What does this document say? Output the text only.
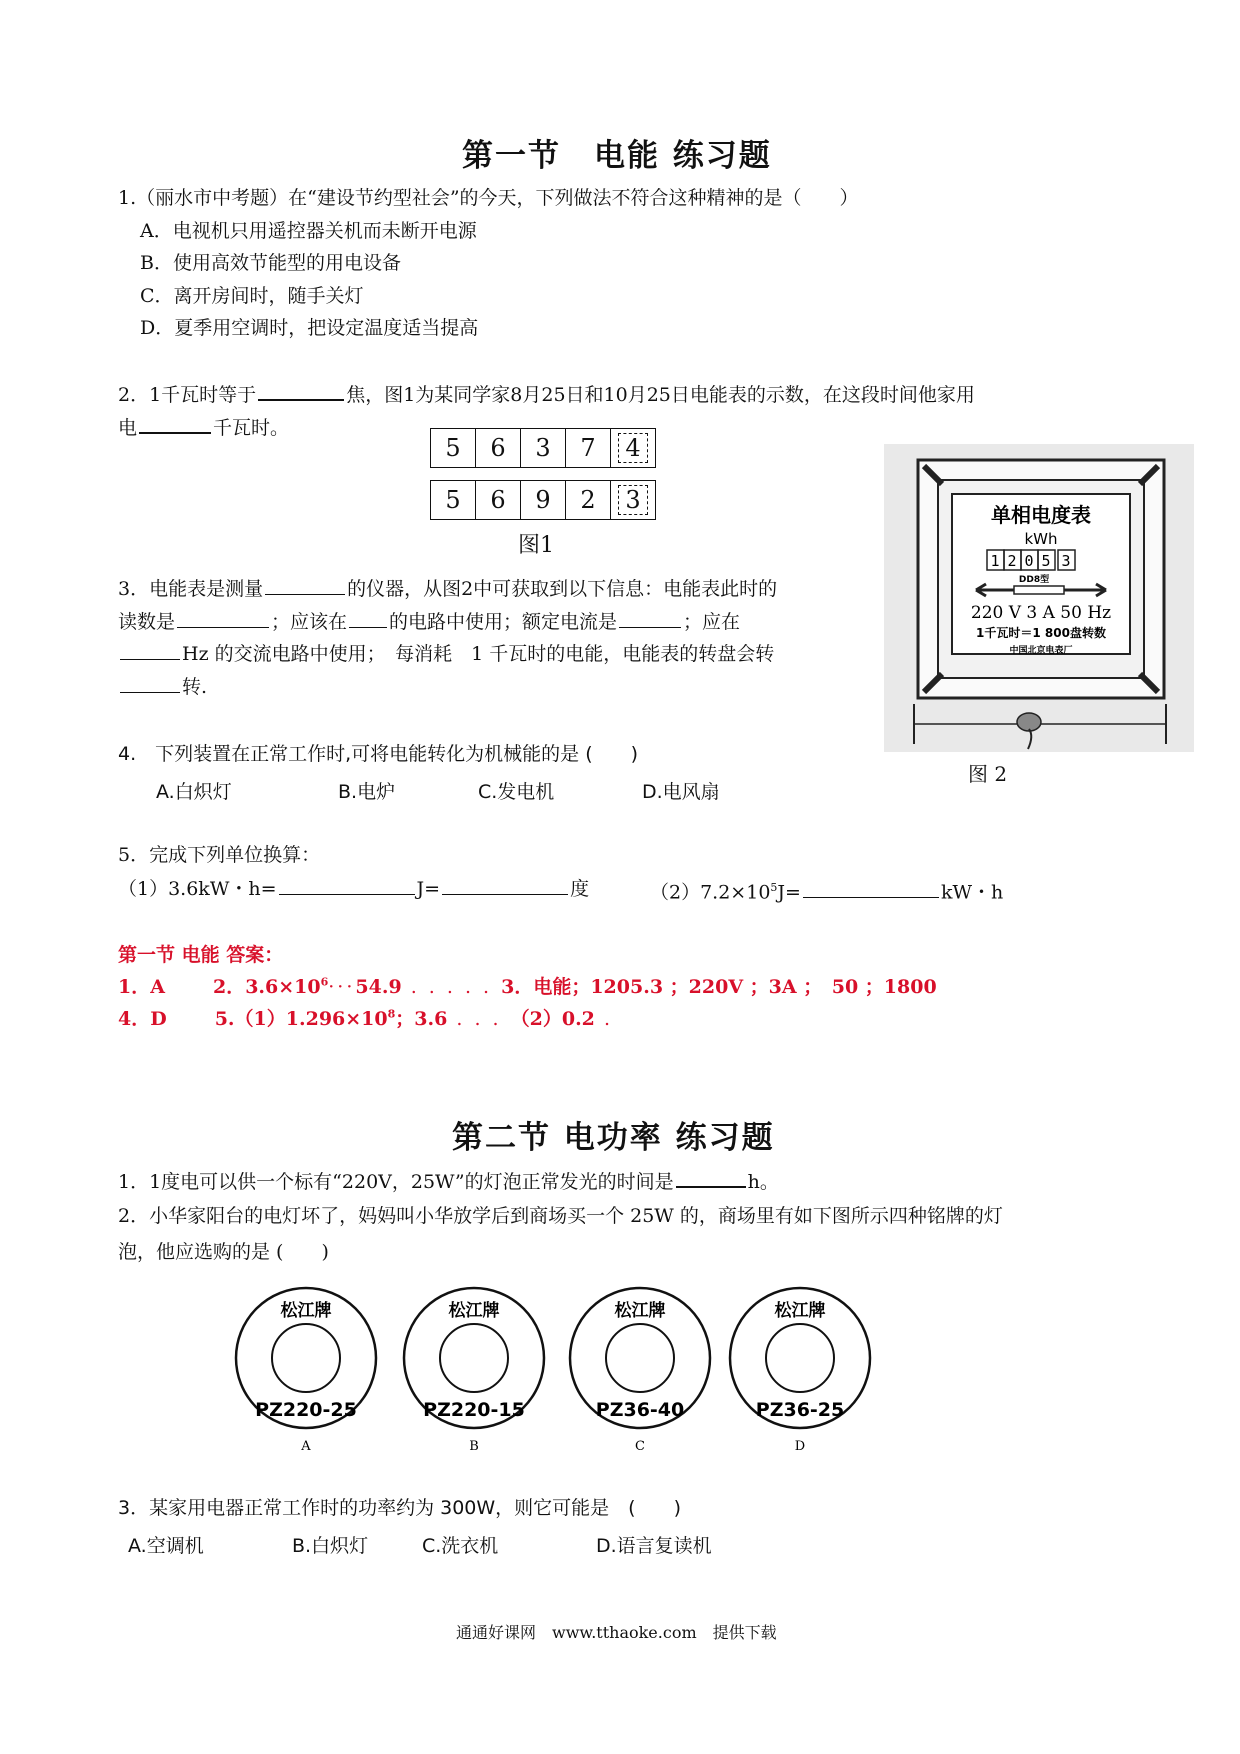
第一节　电能 练习题
1.（丽水市中考题）在“建设节约型社会”的今天，下列做法不符合这种精神的是（　　）
A．电视机只用遥控器关机而未断开电源
B．使用高效节能型的用电设备
C．离开房间时，随手关灯
D．夏季用空调时，把设定温度适当提高
2．1千瓦时等于	焦，图1为某同学家8月25日和10月25日电能表的示数，在这段时间他家用
电	千瓦时。
5	6	3	7	4
5	6	9	2	3
图1
3．电能表是测量	的仪器，从图2中可获取到以下信息：电能表此时的
读数是	；应该在 的电路中使用；额定电流是	；应在
Hz 的交流电路中使用；　每消耗　1 千瓦时的电能，电能表的转盘会转
转.
单相电度表
kWh
1 2 0 5 3
DD8型
220 V 3 A 50 Hz
1千瓦时＝1 800盘转数
中国北京电表厂
图 2
4.　下列装置在正常工作时,可将电能转化为机械能的是 (　　)
A.白炽灯	B.电炉	C.发电机	D.电风扇
5．完成下列单位换算：
（1）3.6kW・h=	J=	度	$(2)7.2\times 10^5J=$	kW・h
第一节 电能 答案：
1．A	2．$3.6\times 10^6\cdot\cdot\cdot 54.9$ . . . . . 3．电能；1205.3 ；220V ；3A ；　50 ；1800
4．D	$5.(1)1.296\times 10^8$；3.6 . . . （2）0.2 .
第二节 电功率 练习题
1．1度电可以供一个标有“220V，25W”的灯泡正常发光的时间是	h。
2．小华家阳台的电灯坏了，妈妈叫小华放学后到商场买一个 25W 的，商场里有如下图所示四种铭牌的灯
泡，他应选购的是 (　　)
松江牌
PZ220-25
A
松江牌
PZ220-15
B
松江牌
PZ36-40
C
松江牌
PZ36-25
D
3．某家用电器正常工作时的功率约为 300W，则它可能是　(　　)
A.空调机	B.白炽灯	C.洗衣机	D.语言复读机
通通好课网　www.tthaoke.com　提供下载
